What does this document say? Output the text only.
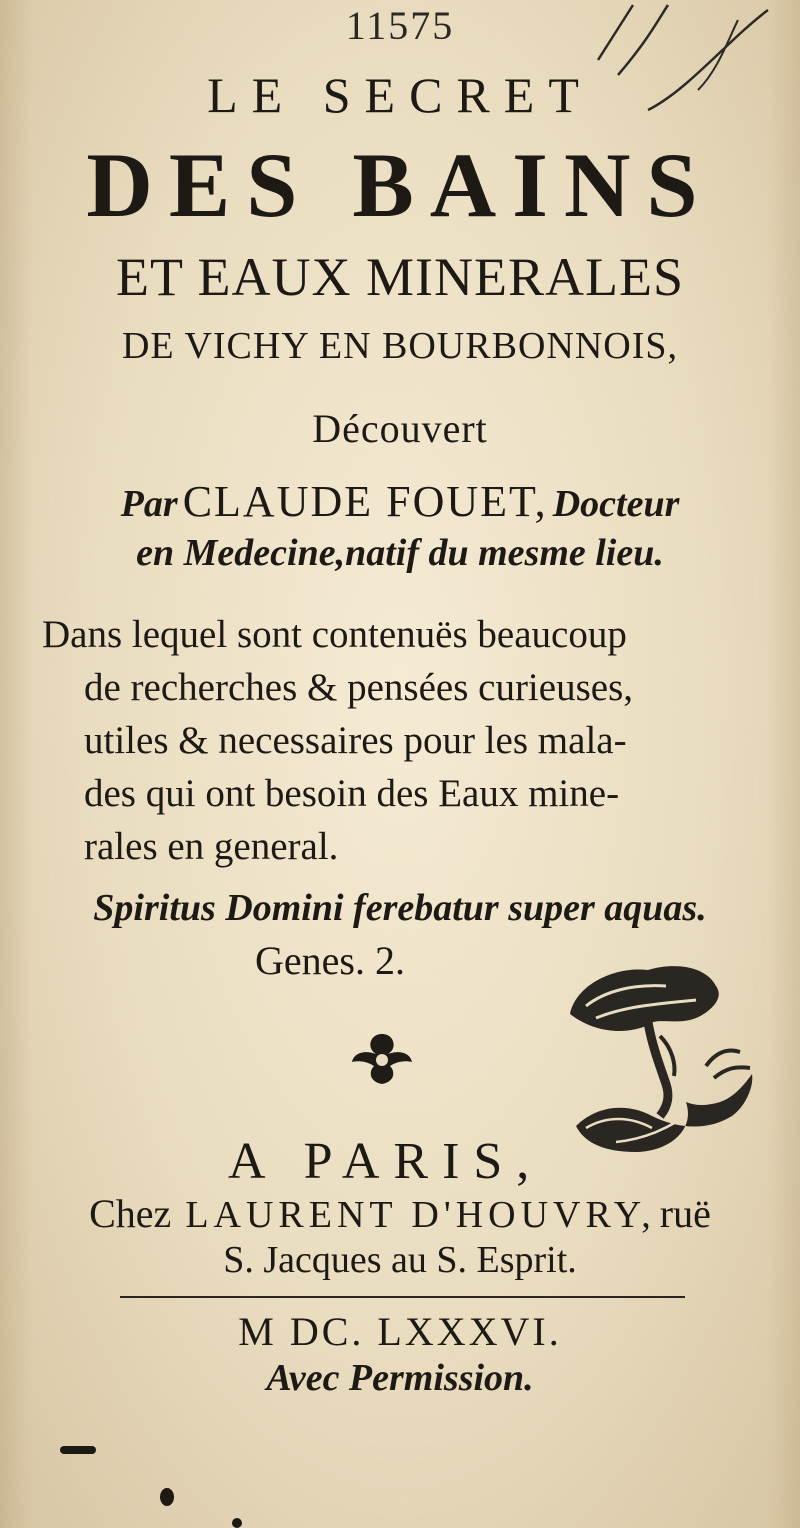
11575
LE SECRET
DES BAINS
ET EAUX MINERALES
DE VICHY EN BOURBONNOIS,
Découvert
Par CLAUDE FOUET, Docteur
en Medecine,natif du mesme lieu.
Dans lequel sont contenuës beaucoup
de recherches & pensées curieuses,
utiles & necessaires pour les mala-
des qui ont besoin des Eaux mine-
rales en general.
Spiritus Domini ferebatur super aquas.
Genes. 2.
A PARIS,
Chez LAURENT D'HOUVRY, ruë
S. Jacques au S. Esprit.
M DC. LXXXVI.
Avec Permission.
